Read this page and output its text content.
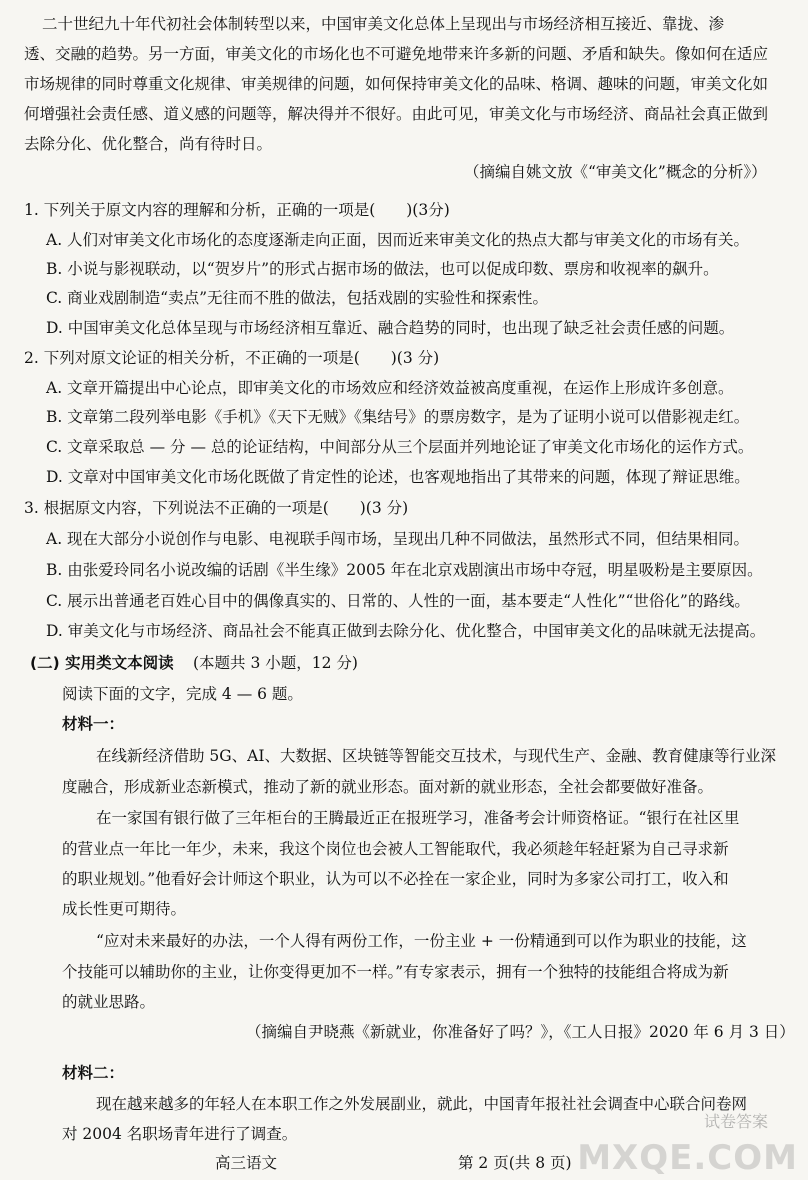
二十世纪九十年代初社会体制转型以来，中国审美文化总体上呈现出与市场经济相互接近、靠拢、渗
透、交融的趋势。另一方面，审美文化的市场化也不可避免地带来许多新的问题、矛盾和缺失。像如何在适应
市场规律的同时尊重文化规律、审美规律的问题，如何保持审美文化的品味、格调、趣味的问题，审美文化如
何增强社会责任感、道义感的问题等，解决得并不很好。由此可见，审美文化与市场经济、商品社会真正做到
去除分化、优化整合，尚有待时日。
（摘编自姚文放《“审美文化”概念的分析》）
1. 下列关于原文内容的理解和分析，正确的一项是(　　)(3分)
A. 人们对审美文化市场化的态度逐渐走向正面，因而近来审美文化的热点大都与审美文化的市场有关。
B. 小说与影视联动，以“贺岁片”的形式占据市场的做法，也可以促成印数、票房和收视率的飙升。
C. 商业戏剧制造“卖点”无往而不胜的做法，包括戏剧的实验性和探索性。
D. 中国审美文化总体呈现与市场经济相互靠近、融合趋势的同时，也出现了缺乏社会责任感的问题。
2. 下列对原文论证的相关分析，不正确的一项是(　　)(3 分)
A. 文章开篇提出中心论点，即审美文化的市场效应和经济效益被高度重视，在运作上形成许多创意。
B. 文章第二段列举电影《手机》《天下无贼》《集结号》的票房数字，是为了证明小说可以借影视走红。
C. 文章采取总 — 分 — 总的论证结构，中间部分从三个层面并列地论证了审美文化市场化的运作方式。
D. 文章对中国审美文化市场化既做了肯定性的论述，也客观地指出了其带来的问题，体现了辩证思维。
3. 根据原文内容，下列说法不正确的一项是(　　)(3 分)
A. 现在大部分小说创作与电影、电视联手闯市场，呈现出几种不同做法，虽然形式不同，但结果相同。
B. 由张爱玲同名小说改编的话剧《半生缘》2005 年在北京戏剧演出市场中夺冠，明星吸粉是主要原因。
C. 展示出普通老百姓心目中的偶像真实的、日常的、人性的一面，基本要走“人性化”“世俗化”的路线。
D. 审美文化与市场经济、商品社会不能真正做到去除分化、优化整合，中国审美文化的品味就无法提高。
(二) 实用类文本阅读 (本题共 3 小题，12 分)
阅读下面的文字，完成 4 — 6 题。
材料一：
在线新经济借助 5G、AI、大数据、区块链等智能交互技术，与现代生产、金融、教育健康等行业深
度融合，形成新业态新模式，推动了新的就业形态。面对新的就业形态，全社会都要做好准备。
在一家国有银行做了三年柜台的王腾最近正在报班学习，准备考会计师资格证。“银行在社区里
的营业点一年比一年少，未来，我这个岗位也会被人工智能取代，我必须趁年轻赶紧为自己寻求新
的职业规划。”他看好会计师这个职业，认为可以不必拴在一家企业，同时为多家公司打工，收入和
成长性更可期待。
“应对未来最好的办法，一个人得有两份工作，一份主业 + 一份精通到可以作为职业的技能，这
个技能可以辅助你的主业，让你变得更加不一样。”有专家表示，拥有一个独特的技能组合将成为新
的就业思路。
（摘编自尹晓燕《新就业，你准备好了吗？》，《工人日报》2020 年 6 月 3 日）
材料二：
现在越来越多的年轻人在本职工作之外发展副业，就此，中国青年报社社会调查中心联合问卷网
对 2004 名职场青年进行了调查。
高三语文	第 2 页(共 8 页)
试卷答案
MXQE.COM
